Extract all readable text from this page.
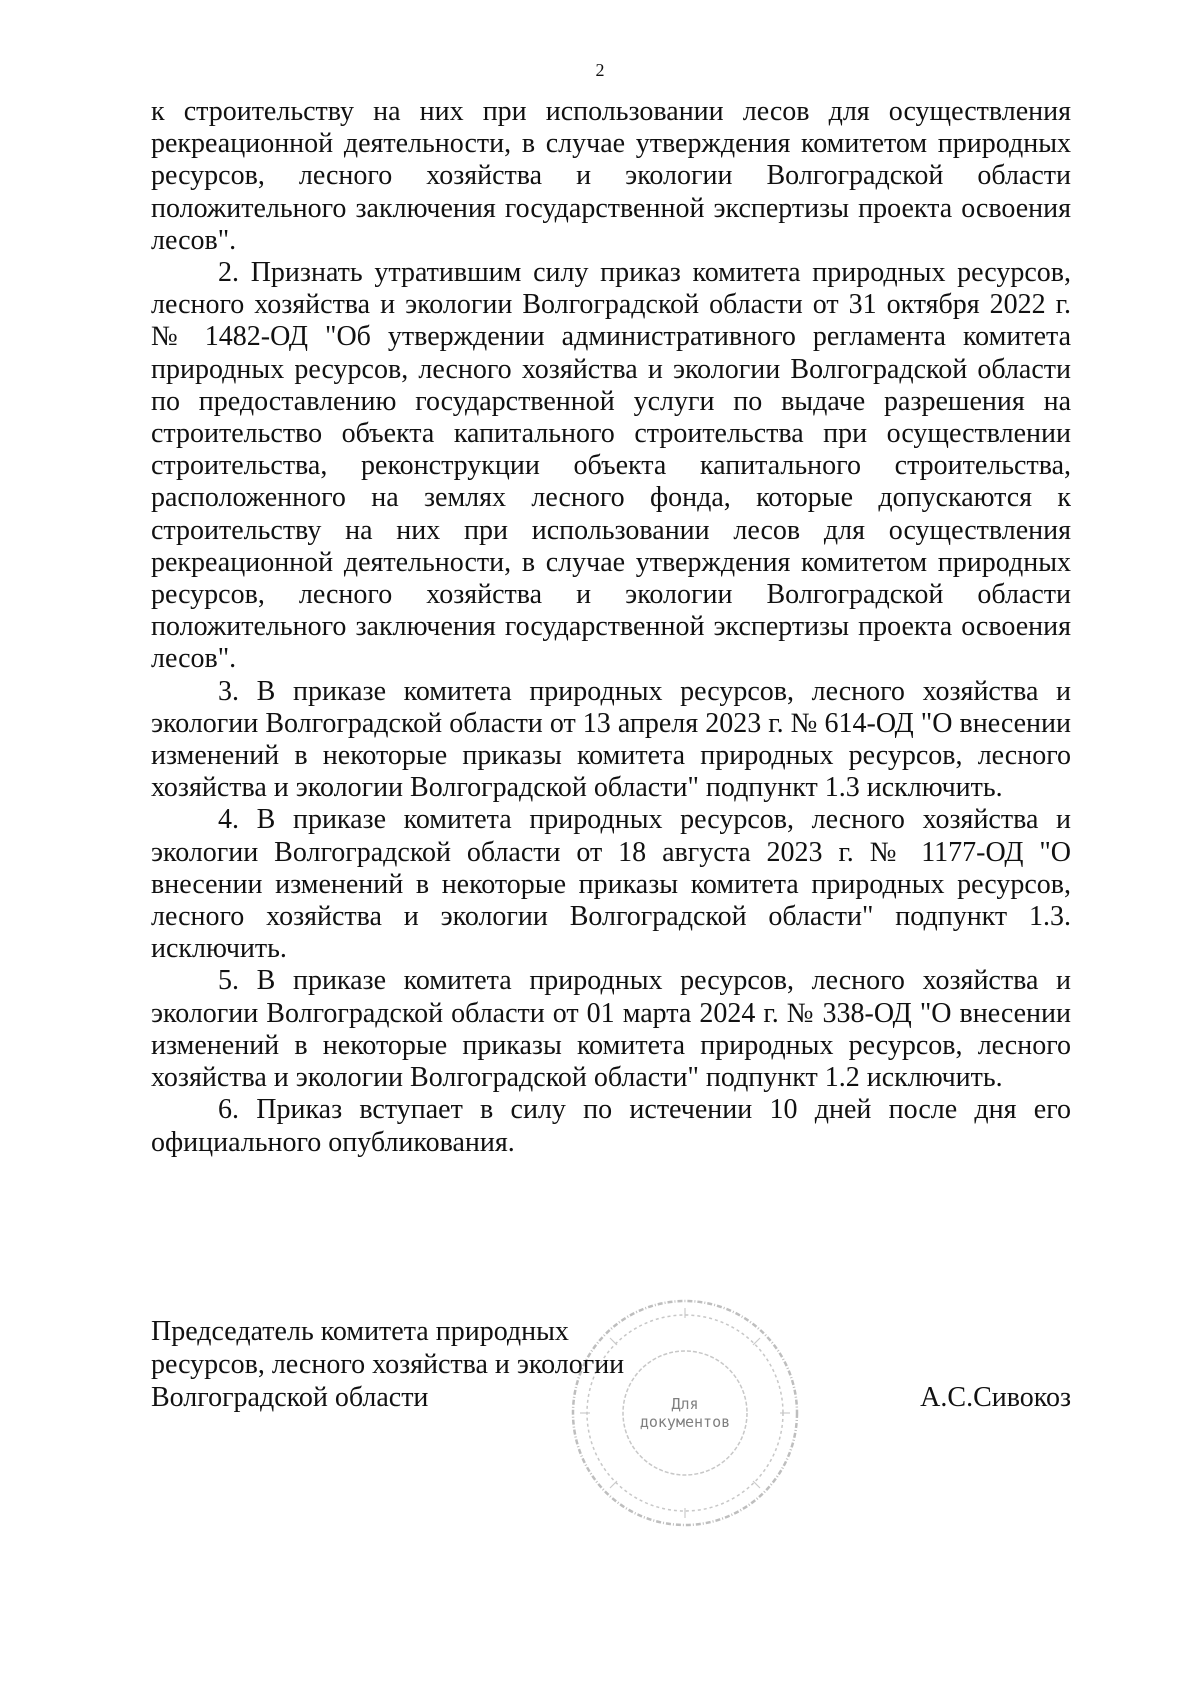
2

к строительству на них при использовании лесов для осуществления рекреационной деятельности, в случае утверждения комитетом природных ресурсов, лесного хозяйства и экологии Волгоградской области положительного заключения государственной экспертизы проекта освоения лесов".

2. Признать утратившим силу приказ комитета природных ресурсов, лесного хозяйства и экологии Волгоградской области от 31 октября 2022 г. № 1482-ОД "Об утверждении административного регламента комитета природных ресурсов, лесного хозяйства и экологии Волгоградской области по предоставлению государственной услуги по выдаче разрешения на строительство объекта капитального строительства при осуществлении строительства, реконструкции объекта капитального строительства, расположенного на землях лесного фонда, которые допускаются к строительству на них при использовании лесов для осуществления рекреационной деятельности, в случае утверждения комитетом природных ресурсов, лесного хозяйства и экологии Волгоградской области положительного заключения государственной экспертизы проекта освоения лесов".

3. В приказе комитета природных ресурсов, лесного хозяйства и экологии Волгоградской области от 13 апреля 2023 г. № 614-ОД "О внесении изменений в некоторые приказы комитета природных ресурсов, лесного хозяйства и экологии Волгоградской области" подпункт 1.3 исключить.

4. В приказе комитета природных ресурсов, лесного хозяйства и экологии Волгоградской области от 18 августа 2023 г. № 1177-ОД "О внесении изменений в некоторые приказы комитета природных ресурсов, лесного хозяйства и экологии Волгоградской области" подпункт 1.3. исключить.

5. В приказе комитета природных ресурсов, лесного хозяйства и экологии Волгоградской области от 01 марта 2024 г. № 338-ОД "О внесении изменений в некоторые приказы комитета природных ресурсов, лесного хозяйства и экологии Волгоградской области" подпункт 1.2 исключить.

6. Приказ вступает в силу по истечении 10 дней после дня его официального опубликования.

Для
документов
Председатель комитета природных
ресурсов, лесного хозяйства и экологии
Волгоградской области	А.С.Сивокоз
